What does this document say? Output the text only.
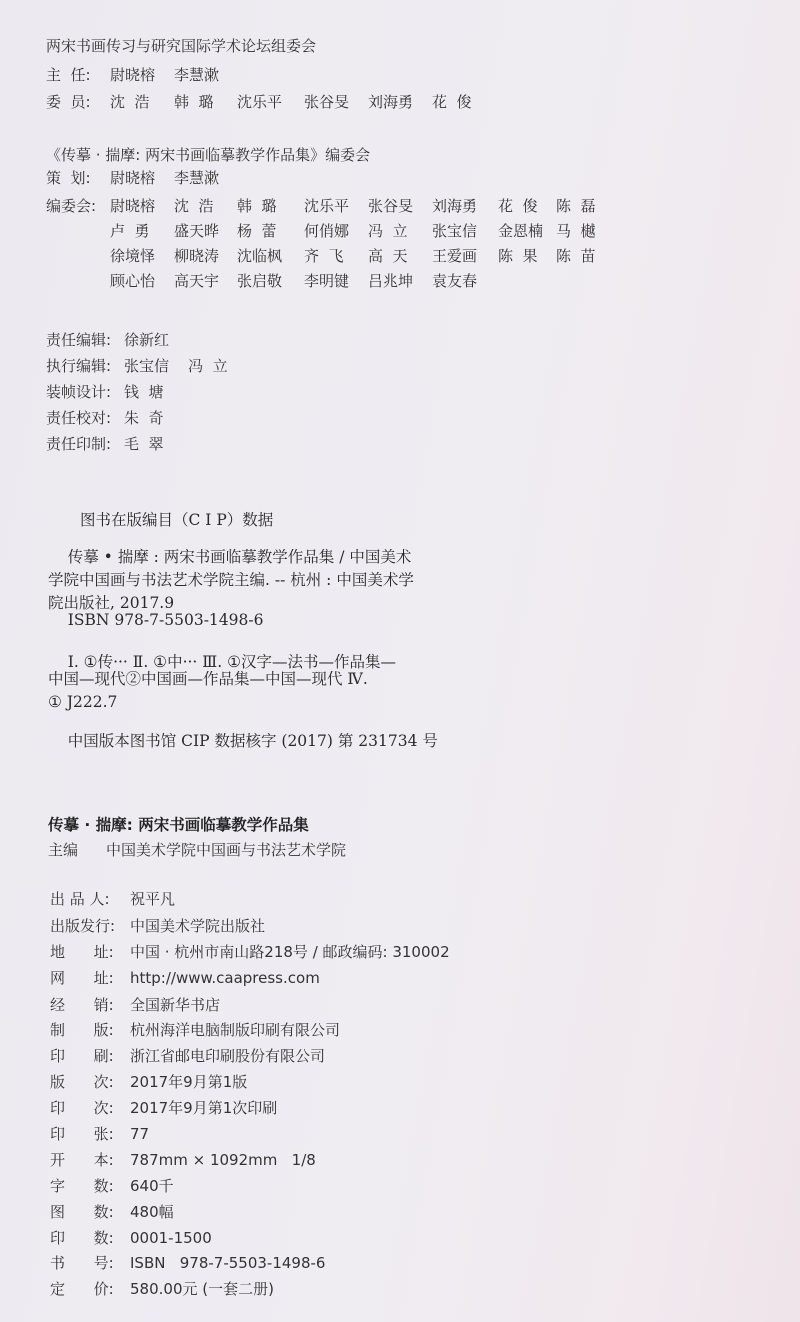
两宋书画传习与研究国际学术论坛组委会
主  任: 尉晓榕 李慧漱
委  员: 沈  浩 韩  璐 沈乐平 张谷旻 刘海勇 花  俊
《传摹 · 揣摩: 两宋书画临摹教学作品集》编委会
策  划: 尉晓榕 李慧漱
编委会: 尉晓榕 沈  浩 韩  璐 沈乐平 张谷旻 刘海勇 花  俊 陈  磊
卢  勇 盛天晔 杨  蕾 何俏娜 冯  立 张宝信 金恩楠 马  樾
徐境怿 柳晓涛 沈临枫 齐  飞 高  天 王爱画 陈  果 陈  苗
顾心怡 高天宇 张启敬 李明键 吕兆坤 袁友春
责任编辑: 徐新红
执行编辑: 张宝信    冯  立
装帧设计: 钱  塘
责任校对: 朱  奇
责任印制: 毛  翠
图书在版编目（C I P）数据
传摹 • 揣摩 : 两宋书画临摹教学作品集 / 中国美术
学院中国画与书法艺术学院主编. -- 杭州 : 中国美术学
院出版社, 2017.9
ISBN 978-7-5503-1498-6
Ⅰ. ①传··· Ⅱ. ①中··· Ⅲ. ①汉字—法书—作品集—
中国—现代②中国画—作品集—中国—现代 Ⅳ.
① J222.7
中国版本图书馆 CIP 数据核字 (2017) 第 231734 号
传摹 · 揣摩: 两宋书画临摹教学作品集
主编 中国美术学院中国画与书法艺术学院
出 品 人: 祝平凡
出版发行: 中国美术学院出版社
地      址: 中国 · 杭州市南山路218号 / 邮政编码: 310002
网      址: http://www.caapress.com
经      销: 全国新华书店
制      版: 杭州海洋电脑制版印刷有限公司
印      刷: 浙江省邮电印刷股份有限公司
版      次: 2017年9月第1版
印      次: 2017年9月第1次印刷
印      张: 77
开      本: 787mm × 1092mm   1/8
字      数: 640千
图      数: 480幅
印      数: 0001-1500
书      号: ISBN   978-7-5503-1498-6
定      价: 580.00元 (一套二册)
